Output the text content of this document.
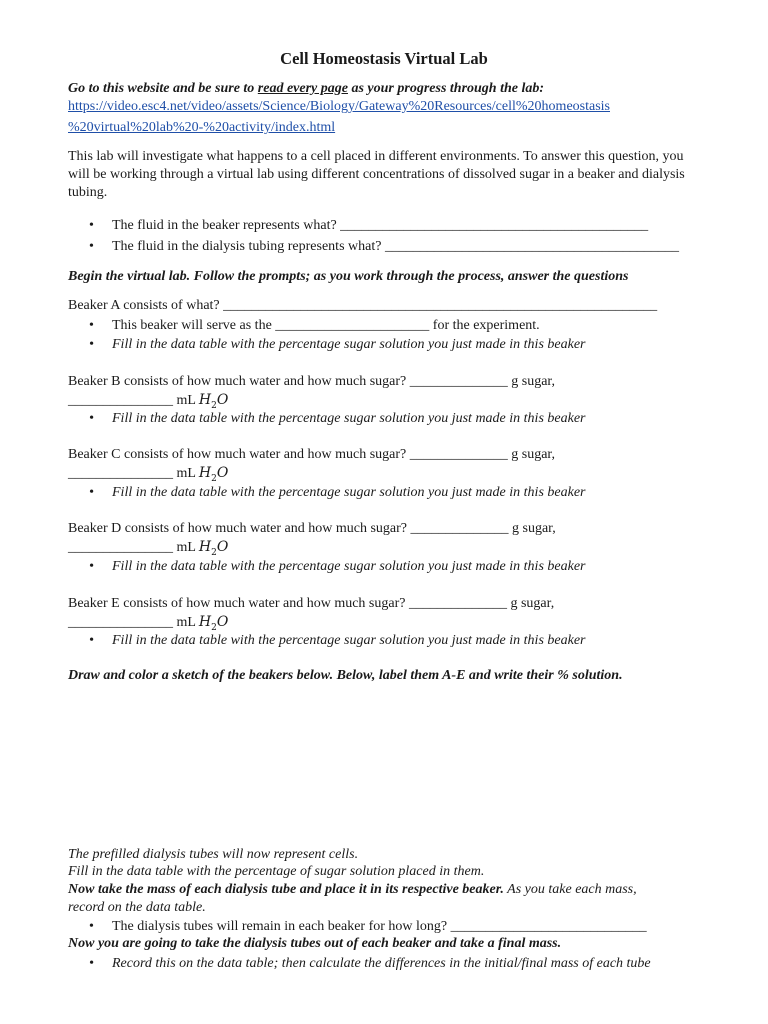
Cell Homeostasis Virtual Lab
Go to this website and be sure to read every page as your progress through the lab:
https://video.esc4.net/video/assets/Science/Biology/Gateway%20Resources/cell%20homeostasis
%20virtual%20lab%20-%20activity/index.html
This lab will investigate what happens to a cell placed in different environments. To answer this question, you will be working through a virtual lab using different concentrations of dissolved sugar in a beaker and dialysis tubing.
The fluid in the beaker represents what? ____________________________________________
The fluid in the dialysis tubing represents what? __________________________________________
Begin the virtual lab. Follow the prompts; as you work through the process, answer the questions
Beaker A consists of what? ______________________________________________________________
This beaker will serve as the ______________________ for the experiment.
Fill in the data table with the percentage sugar solution you just made in this beaker
Beaker B consists of how much water and how much sugar? ______________ g sugar,
_______________ mL $H_2O$
Fill in the data table with the percentage sugar solution you just made in this beaker
Beaker C consists of how much water and how much sugar? ______________ g sugar,
_______________ mL $H_2O$
Fill in the data table with the percentage sugar solution you just made in this beaker
Beaker D consists of how much water and how much sugar? ______________ g sugar,
_______________ mL $H_2O$
Fill in the data table with the percentage sugar solution you just made in this beaker
Beaker E consists of how much water and how much sugar? ______________ g sugar,
_______________ mL $H_2O$
Fill in the data table with the percentage sugar solution you just made in this beaker
Draw and color a sketch of the beakers below. Below, label them A-E and write their % solution.
The prefilled dialysis tubes will now represent cells.
Fill in the data table with the percentage of sugar solution placed in them.
Now take the mass of each dialysis tube and place it in its respective beaker. As you take each mass,
record on the data table.
The dialysis tubes will remain in each beaker for how long? ____________________________
Now you are going to take the dialysis tubes out of each beaker and take a final mass.
Record this on the data table; then calculate the differences in the initial/final mass of each tube
